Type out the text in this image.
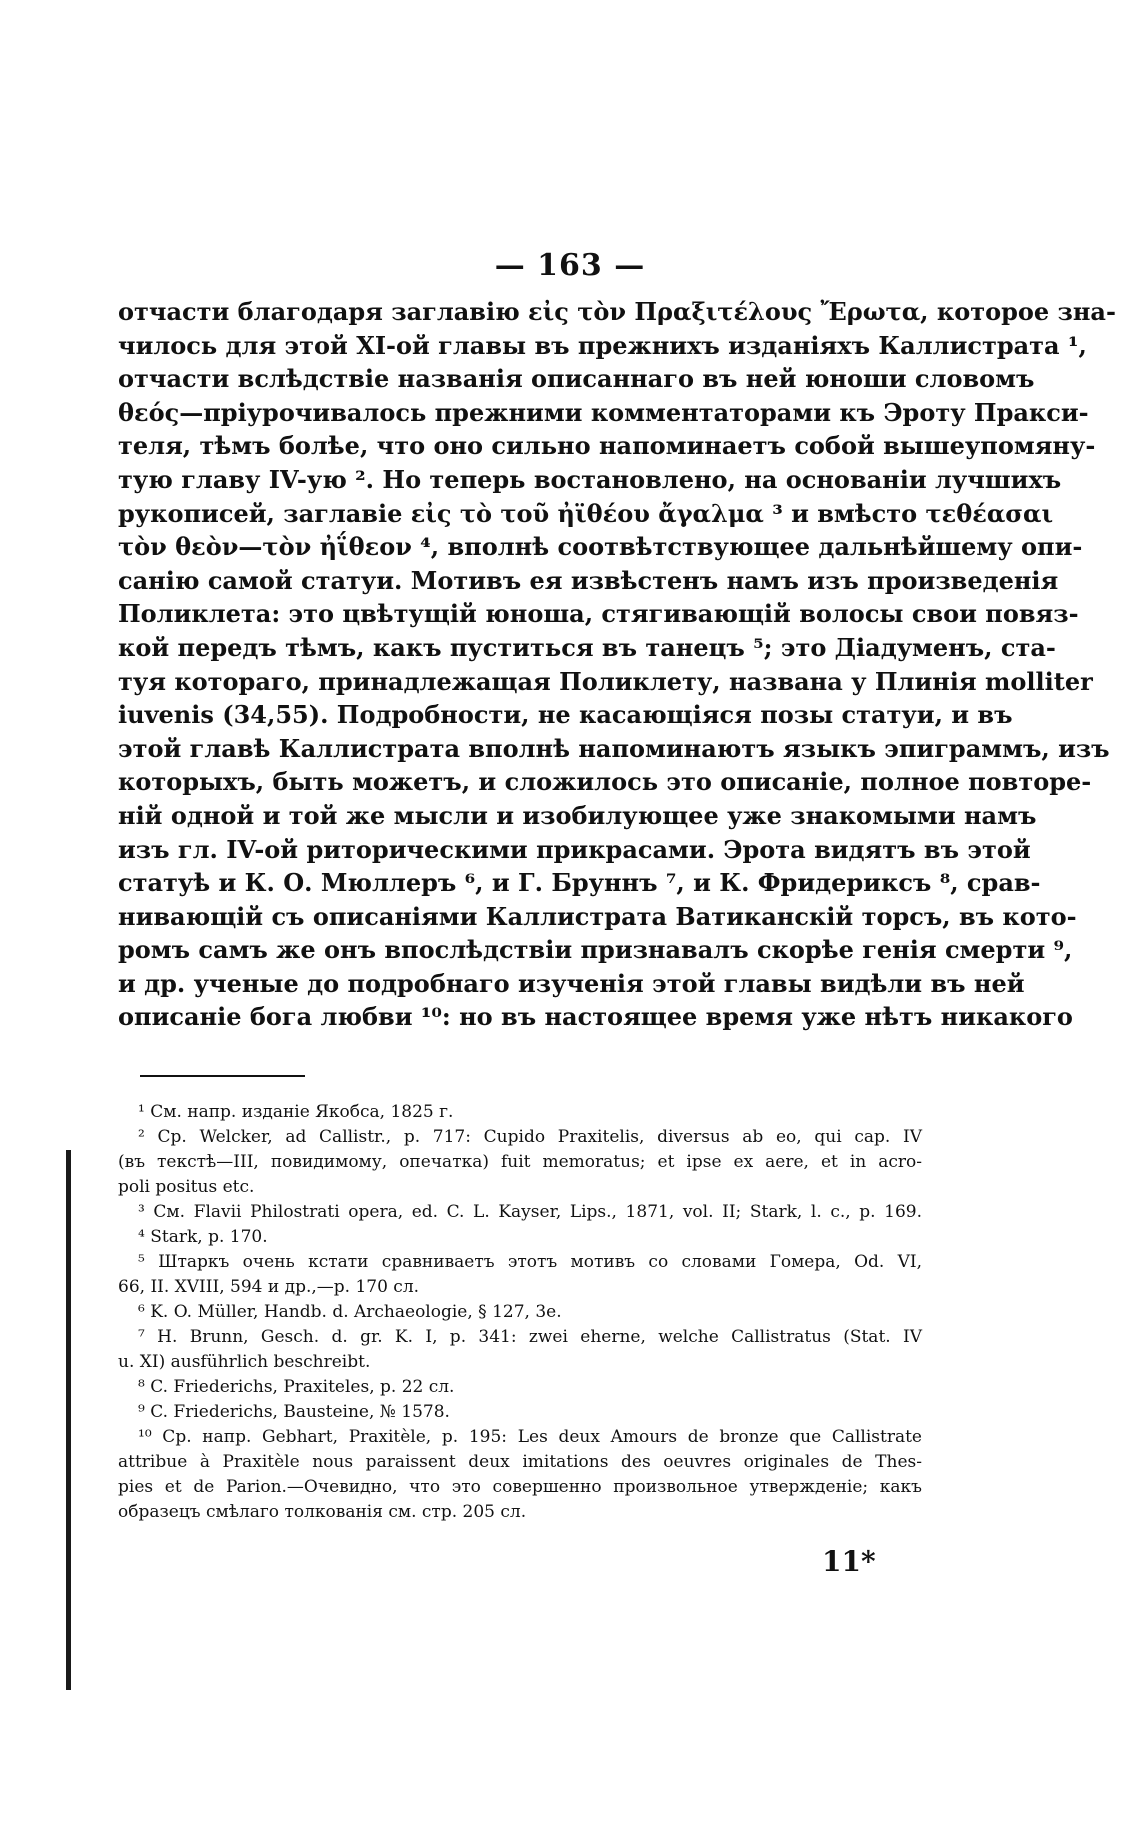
— 163 —
отчасти благодаря заглавію εἰς τὸν Πραξιτέλους Ἔρωτα, которое зна-
чилось для этой XI-ой главы въ прежнихъ изданіяхъ Каллистрата ¹,
отчасти вслѣдствіе названія описаннаго въ ней юноши словомъ
θεός—пріурочивалось прежними комментаторами къ Эроту Пракси-
теля, тѣмъ болѣе, что оно сильно напоминаетъ собой вышеупомяну-
тую главу IV-ую ². Но теперь востановлено, на основаніи лучшихъ
рукописей, заглавіе εἰς τὸ τοῦ ἠϊθέου ἄγαλμα ³ и вмѣсто τεθέασαι
τὸν θεὸν—τὸν ἠΐθεον ⁴, вполнѣ соотвѣтствующее дальнѣйшему опи-
санію самой статуи. Мотивъ ея извѣстенъ намъ изъ произведенія
Поликлета: это цвѣтущій юноша, стягивающій волосы свои повяз-
кой передъ тѣмъ, какъ пуститься въ танецъ ⁵; это Діадуменъ, ста-
туя котораго, принадлежащая Поликлету, названа у Плинія molliter
iuvenis (34,55). Подробности, не касающіяся позы статуи, и въ
этой главѣ Каллистрата вполнѣ напоминаютъ языкъ эпиграммъ, изъ
которыхъ, быть можетъ, и сложилось это описаніе, полное повторе-
ній одной и той же мысли и изобилующее уже знакомыми намъ
изъ гл. IV-ой риторическими прикрасами. Эрота видятъ въ этой
статуѣ и К. О. Мюллеръ ⁶, и Г. Бруннъ ⁷, и К. Фридериксъ ⁸, срав-
нивающій съ описаніями Каллистрата Ватиканскій торсъ, въ кото-
ромъ самъ же онъ впослѣдствіи признавалъ скорѣе генія смерти ⁹,
и др. ученые до подробнаго изученія этой главы видѣли въ ней
описаніе бога любви ¹⁰: но въ настоящее время уже нѣтъ никакого
¹ См. напр. изданіе Якобса, 1825 г.
² Cp. Welcker, ad Callistr., p. 717: Cupido Praxitelis, diversus ab eo, qui cap. IV
(въ текстѣ—III, повидимому, опечатка) fuit memoratus; et ipse ex aere, et in acro-
poli positus etc.
³ См. Flavii Philostrati opera, ed. C. L. Kayser, Lips., 1871, vol. II; Stark, l. c., p. 169.
⁴ Stark, p. 170.
⁵ Штаркъ очень кстати сравниваетъ этотъ мотивъ со словами Гомера, Od. VI,
66, II. XVIII, 594 и др.,—p. 170 сл.
⁶ K. O. Müller, Handb. d. Archaeologie, § 127, 3e.
⁷ H. Brunn, Gesch. d. gr. K. I, p. 341: zwei eherne, welche Callistratus (Stat. IV
u. XI) ausführlich beschreibt.
⁸ C. Friederichs, Praxiteles, p. 22 сл.
⁹ C. Friederichs, Bausteine, № 1578.
¹⁰ Ср. напр. Gebhart, Praxitèle, p. 195: Les deux Amours de bronze que Callistrate
attribue à Praxitèle nous paraissent deux imitations des oeuvres originales de Thes-
pies et de Parion.—Очевидно, что это совершенно произвольное утвержденіе; какъ
образецъ смѣлаго толкованія см. стр. 205 сл.
11*
